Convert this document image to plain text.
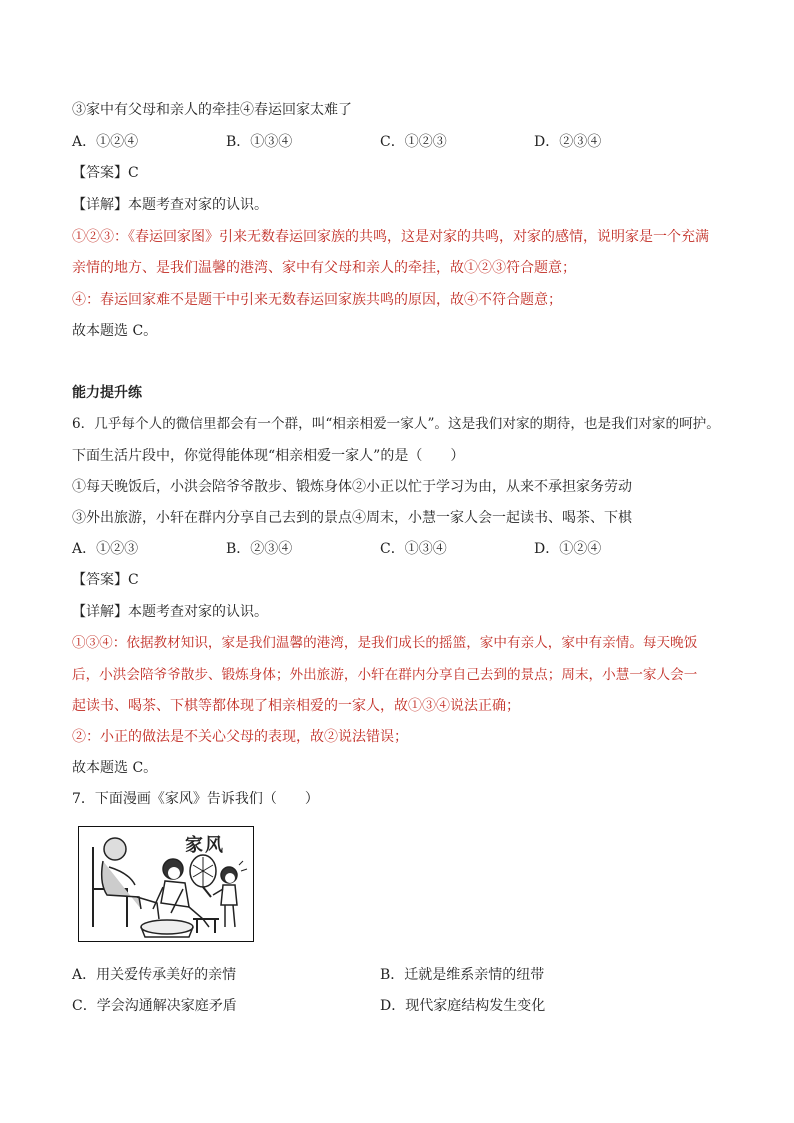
③家中有父母和亲人的牵挂④春运回家太难了
A．①②④	B．①③④	C．①②③	D．②③④
【答案】C
【详解】本题考查对家的认识。
①②③：《春运回家图》引来无数春运回家族的共鸣，这是对家的共鸣，对家的感情，说明家是一个充满
亲情的地方、是我们温馨的港湾、家中有父母和亲人的牵挂，故①②③符合题意；
④：春运回家难不是题干中引来无数春运回家族共鸣的原因，故④不符合题意；
故本题选 C。
能力提升练
6．几乎每个人的微信里都会有一个群，叫“相亲相爱一家人”。这是我们对家的期待，也是我们对家的呵护。
下面生活片段中，你觉得能体现“相亲相爱一家人”的是（　　）
①每天晚饭后，小洪会陪爷爷散步、锻炼身体②小正以忙于学习为由，从来不承担家务劳动
③外出旅游，小轩在群内分享自己去到的景点④周末，小慧一家人会一起读书、喝茶、下棋
A．①②③	B．②③④	C．①③④	D．①②④
【答案】C
【详解】本题考查对家的认识。
①③④：依据教材知识，家是我们温馨的港湾，是我们成长的摇篮，家中有亲人，家中有亲情。每天晚饭
后，小洪会陪爷爷散步、锻炼身体；外出旅游，小轩在群内分享自己去到的景点；周末，小慧一家人会一
起读书、喝茶、下棋等都体现了相亲相爱的一家人，故①③④说法正确；
②：小正的做法是不关心父母的表现，故②说法错误；
故本题选 C。
7．下面漫画《家风》告诉我们（　　）
家风
A．用关爱传承美好的亲情	B．迁就是维系亲情的纽带
C．学会沟通解决家庭矛盾	D．现代家庭结构发生变化
